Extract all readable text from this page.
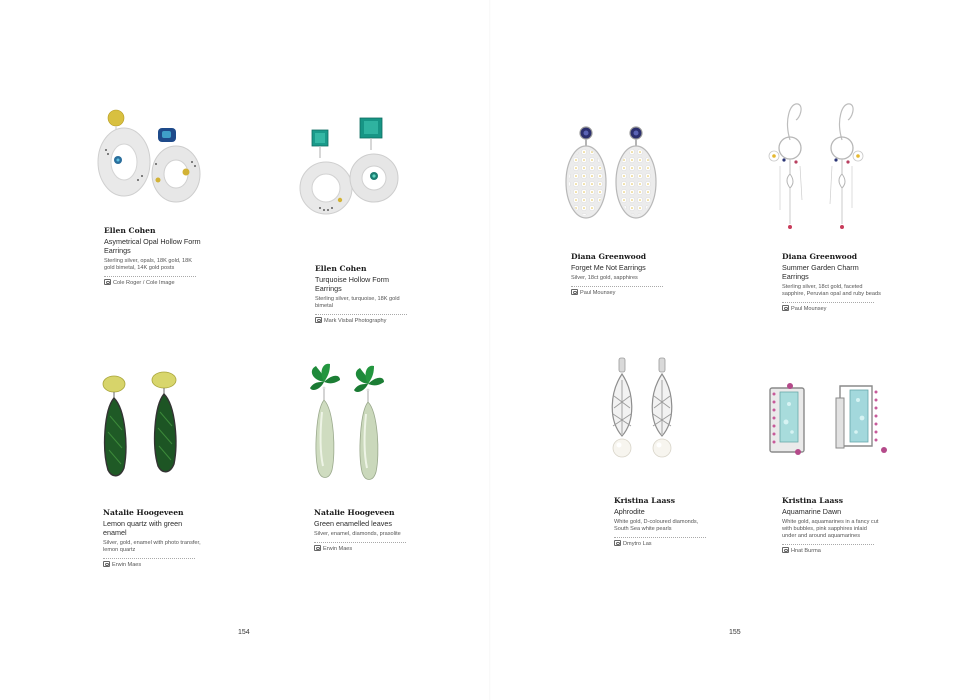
Ellen Cohen
Asymetrical Opal Hollow Form Earrings
Sterling silver, opals, 18K gold, 18K gold bimetal, 14K gold posts
Cole Roger / Cole Image
Ellen Cohen
Turquoise Hollow Form Earrings
Sterling silver, turquoise, 18K gold bimetal
Mark Visbal Photography
Diana Greenwood
Forget Me Not Earrings
Silver, 18ct gold, sapphires
Paul Mounsey
Diana Greenwood
Summer Garden Charm Earrings
Sterling silver, 18ct gold, faceted sapphire, Peruvian opal and ruby beads
Paul Mounsey
Natalie Hoogeveen
Lemon quartz with green enamel
Silver, gold, enamel with photo transfer, lemon quartz
Erwin Maes
Natalie Hoogeveen
Green enamelled leaves
Silver, enamel, diamonds, prasolite
Erwin Maes
Kristina Laass
Aphrodite
White gold, D-coloured diamonds, South Sea white pearls
Dmytro Las
Kristina Laass
Aquamarine Dawn
White gold, aquamarines in a fancy cut with bubbles, pink sapphires inlaid under and around aquamarines
Hnat Burma
154	155
